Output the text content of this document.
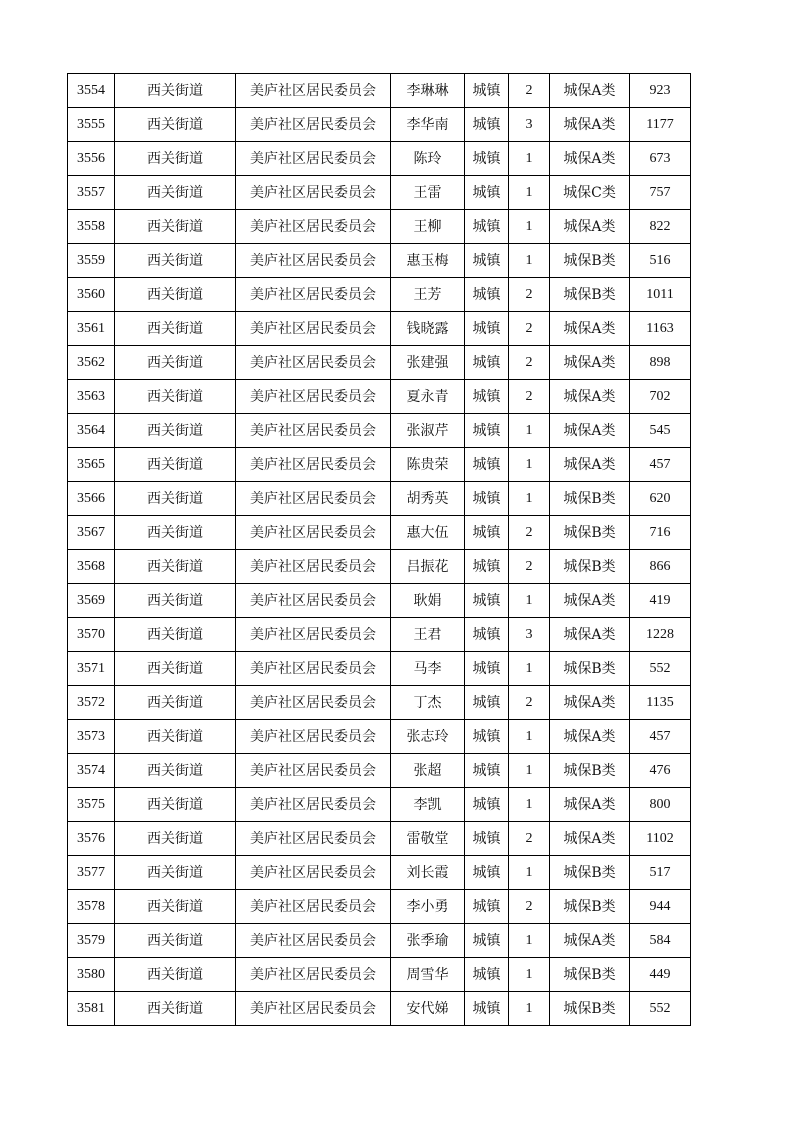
3554	西关街道	美庐社区居民委员会	李琳琳	城镇	2	城保A类	923
3555	西关街道	美庐社区居民委员会	李华南	城镇	3	城保A类	1177
3556	西关街道	美庐社区居民委员会	陈玲	城镇	1	城保A类	673
3557	西关街道	美庐社区居民委员会	王雷	城镇	1	城保C类	757
3558	西关街道	美庐社区居民委员会	王柳	城镇	1	城保A类	822
3559	西关街道	美庐社区居民委员会	惠玉梅	城镇	1	城保B类	516
3560	西关街道	美庐社区居民委员会	王芳	城镇	2	城保B类	1011
3561	西关街道	美庐社区居民委员会	钱晓露	城镇	2	城保A类	1163
3562	西关街道	美庐社区居民委员会	张建强	城镇	2	城保A类	898
3563	西关街道	美庐社区居民委员会	夏永青	城镇	2	城保A类	702
3564	西关街道	美庐社区居民委员会	张淑芹	城镇	1	城保A类	545
3565	西关街道	美庐社区居民委员会	陈贵荣	城镇	1	城保A类	457
3566	西关街道	美庐社区居民委员会	胡秀英	城镇	1	城保B类	620
3567	西关街道	美庐社区居民委员会	惠大伍	城镇	2	城保B类	716
3568	西关街道	美庐社区居民委员会	吕振花	城镇	2	城保B类	866
3569	西关街道	美庐社区居民委员会	耿娟	城镇	1	城保A类	419
3570	西关街道	美庐社区居民委员会	王君	城镇	3	城保A类	1228
3571	西关街道	美庐社区居民委员会	马李	城镇	1	城保B类	552
3572	西关街道	美庐社区居民委员会	丁杰	城镇	2	城保A类	1135
3573	西关街道	美庐社区居民委员会	张志玲	城镇	1	城保A类	457
3574	西关街道	美庐社区居民委员会	张超	城镇	1	城保B类	476
3575	西关街道	美庐社区居民委员会	李凯	城镇	1	城保A类	800
3576	西关街道	美庐社区居民委员会	雷敬堂	城镇	2	城保A类	1102
3577	西关街道	美庐社区居民委员会	刘长霞	城镇	1	城保B类	517
3578	西关街道	美庐社区居民委员会	李小勇	城镇	2	城保B类	944
3579	西关街道	美庐社区居民委员会	张季瑜	城镇	1	城保A类	584
3580	西关街道	美庐社区居民委员会	周雪华	城镇	1	城保B类	449
3581	西关街道	美庐社区居民委员会	安代娣	城镇	1	城保B类	552
